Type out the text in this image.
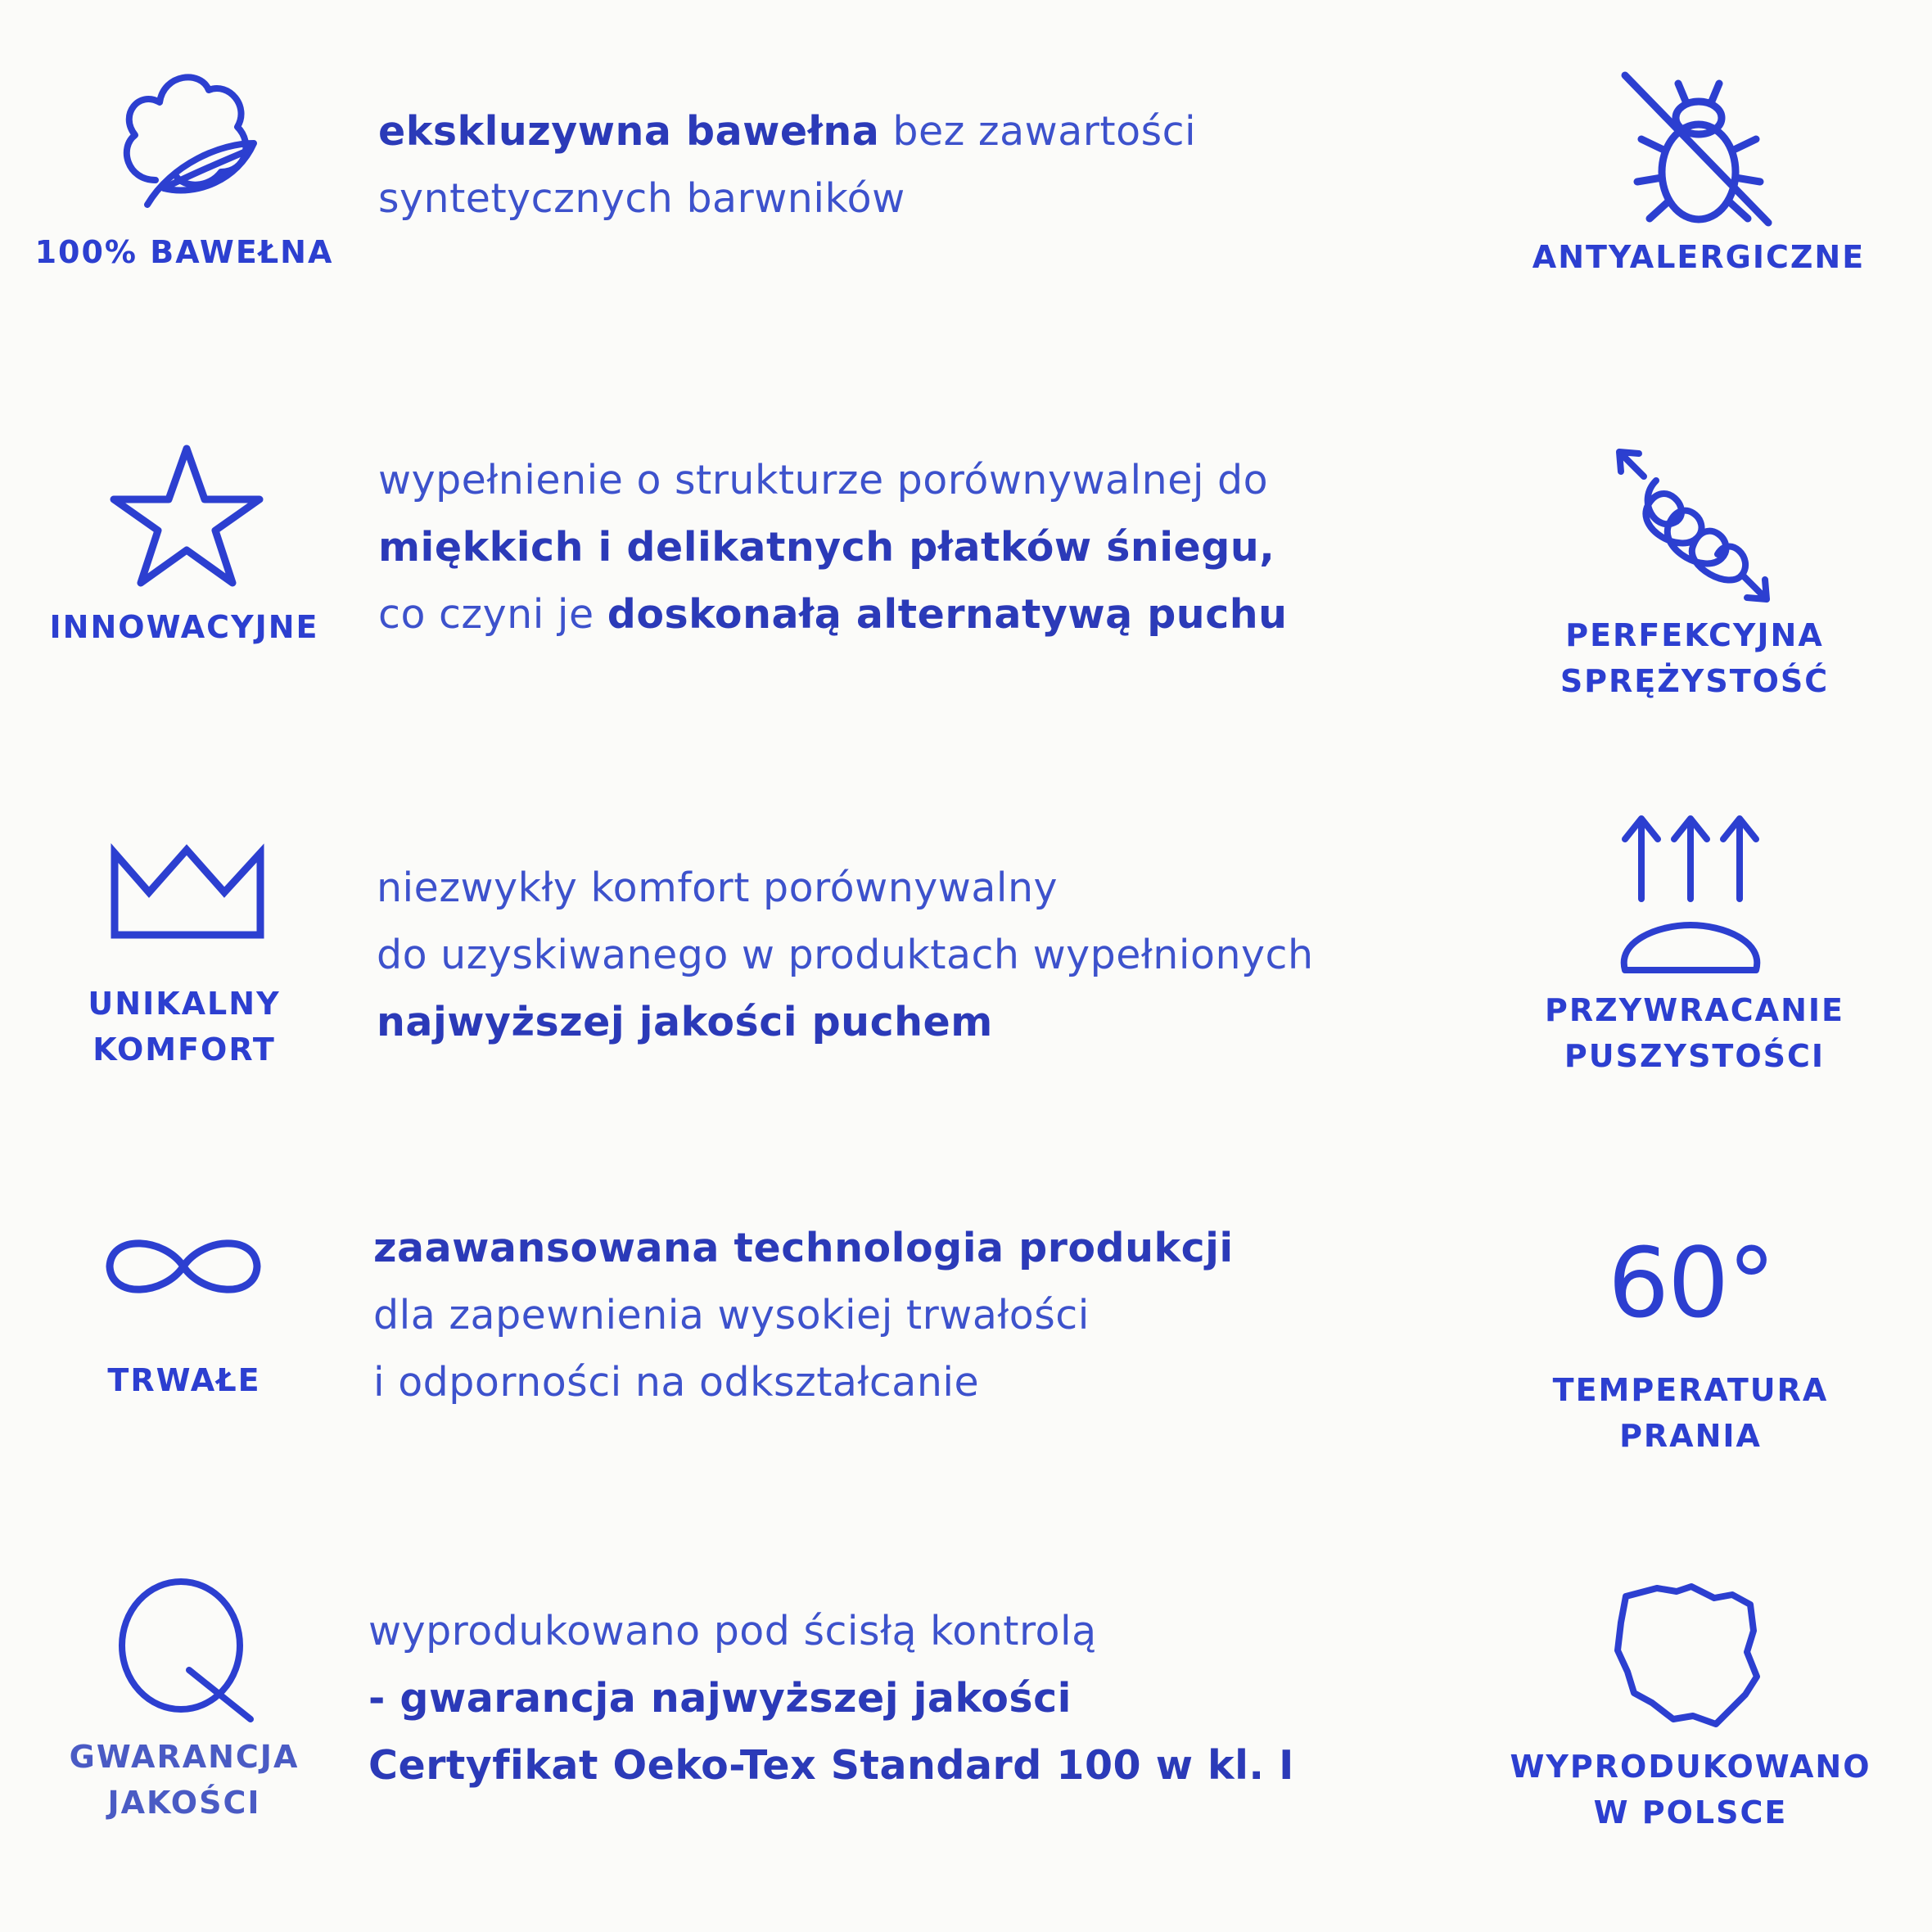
100% BAWEŁNA
ekskluzywna bawełna bez zawartości
syntetycznych barwników
ANTYALERGICZNE
INNOWACYJNE
wypełnienie o strukturze porównywalnej do
miękkich i delikatnych płatków śniegu,
co czyni je doskonałą alternatywą puchu	PERFEKCYJNA
SPRĘŻYSTOŚĆ
UNIKALNY
KOMFORT
niezwykły komfort porównywalny
do uzyskiwanego w produktach wypełnionych
najwyższej jakości puchem	PRZYWRACANIE
PUSZYSTOŚCI
TRWAŁE
zaawansowana technologia produkcji
dla zapewnienia wysokiej trwałości
i odporności na odkształcanie
60°
TEMPERATURA
PRANIA
GWARANCJA
JAKOŚCI
wyprodukowano pod ścisłą kontrolą
- gwarancja najwyższej jakości
Certyfikat Oeko-Tex Standard 100 w kl. I	WYPRODUKOWANO
W POLSCE
